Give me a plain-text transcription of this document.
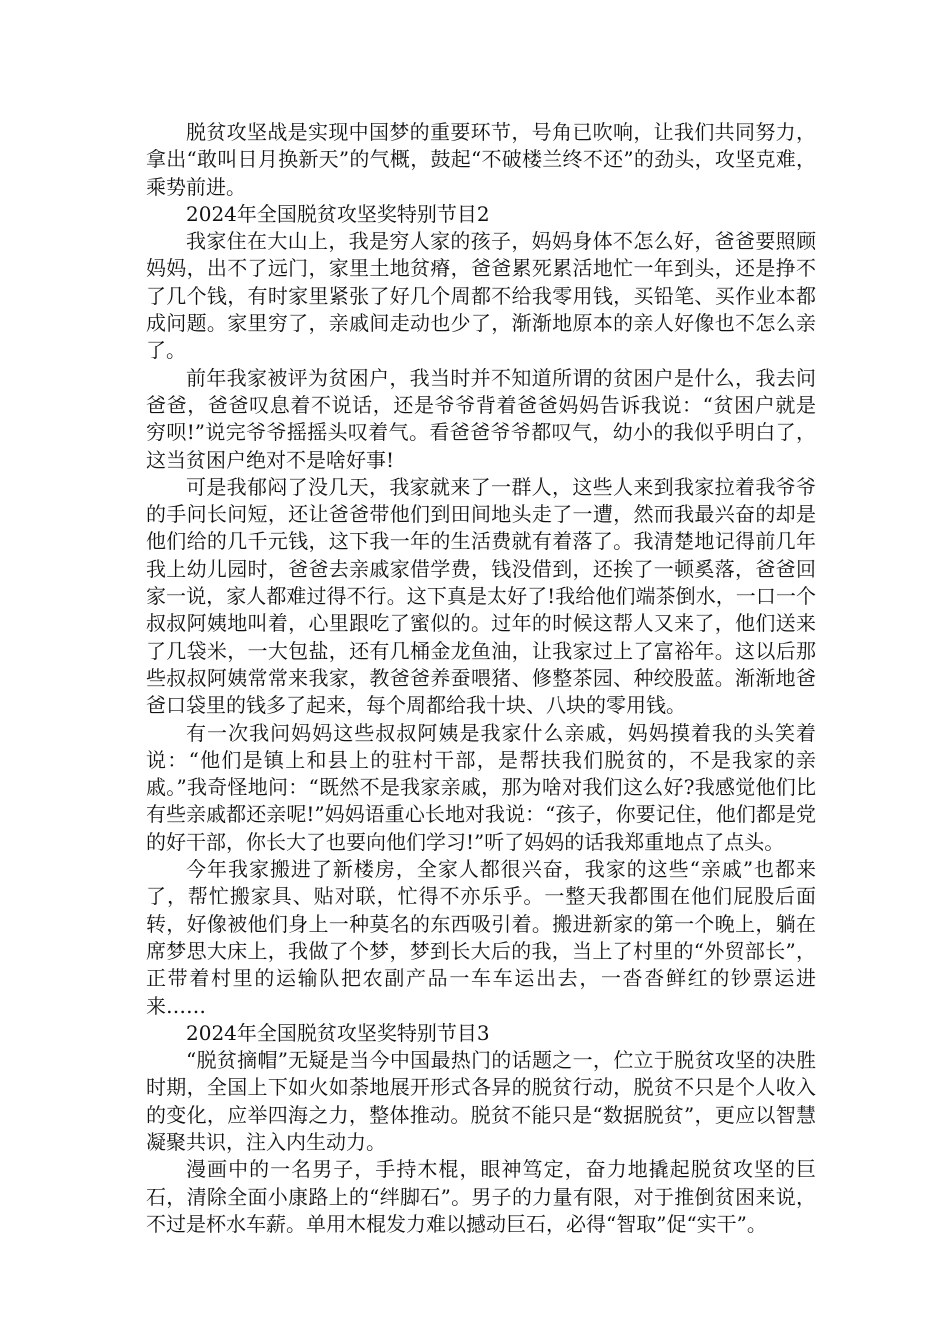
脱贫攻坚战是实现中国梦的重要环节，号角已吹响，让我们共同努力，拿出“敢叫日月换新天”的气概，鼓起“不破楼兰终不还”的劲头，攻坚克难，乘势前进。

2024年全国脱贫攻坚奖特别节目2

我家住在大山上，我是穷人家的孩子，妈妈身体不怎么好，爸爸要照顾妈妈，出不了远门，家里土地贫瘠，爸爸累死累活地忙一年到头，还是挣不了几个钱，有时家里紧张了好几个周都不给我零用钱，买铅笔、买作业本都成问题。家里穷了，亲戚间走动也少了，渐渐地原本的亲人好像也不怎么亲了。

前年我家被评为贫困户，我当时并不知道所谓的贫困户是什么，我去问爸爸，爸爸叹息着不说话，还是爷爷背着爸爸妈妈告诉我说：“贫困户就是穷呗!”说完爷爷摇摇头叹着气。看爸爸爷爷都叹气，幼小的我似乎明白了，这当贫困户绝对不是啥好事!

可是我郁闷了没几天，我家就来了一群人，这些人来到我家拉着我爷爷的手问长问短，还让爸爸带他们到田间地头走了一遭，然而我最兴奋的却是他们给的几千元钱，这下我一年的生活费就有着落了。我清楚地记得前几年我上幼儿园时，爸爸去亲戚家借学费，钱没借到，还挨了一顿奚落，爸爸回家一说，家人都难过得不行。这下真是太好了!我给他们端茶倒水，一口一个叔叔阿姨地叫着，心里跟吃了蜜似的。过年的时候这帮人又来了，他们送来了几袋米，一大包盐，还有几桶金龙鱼油，让我家过上了富裕年。这以后那些叔叔阿姨常常来我家，教爸爸养蚕喂猪、修整茶园、种绞股蓝。渐渐地爸爸口袋里的钱多了起来，每个周都给我十块、八块的零用钱。

有一次我问妈妈这些叔叔阿姨是我家什么亲戚，妈妈摸着我的头笑着说：“他们是镇上和县上的驻村干部，是帮扶我们脱贫的，不是我家的亲戚。”我奇怪地问：“既然不是我家亲戚，那为啥对我们这么好?我感觉他们比有些亲戚都还亲呢!”妈妈语重心长地对我说：“孩子，你要记住，他们都是党的好干部，你长大了也要向他们学习!”听了妈妈的话我郑重地点了点头。

今年我家搬进了新楼房，全家人都很兴奋，我家的这些“亲戚”也都来了，帮忙搬家具、贴对联，忙得不亦乐乎。一整天我都围在他们屁股后面转，好像被他们身上一种莫名的东西吸引着。搬进新家的第一个晚上，躺在席梦思大床上，我做了个梦，梦到长大后的我，当上了村里的“外贸部长”，正带着村里的运输队把农副产品一车车运出去，一沓沓鲜红的钞票运进来……

2024年全国脱贫攻坚奖特别节目3

“脱贫摘帽”无疑是当今中国最热门的话题之一，伫立于脱贫攻坚的决胜时期，全国上下如火如荼地展开形式各异的脱贫行动，脱贫不只是个人收入的变化，应举四海之力，整体推动。脱贫不能只是“数据脱贫”，更应以智慧凝聚共识，注入内生动力。

漫画中的一名男子，手持木棍，眼神笃定，奋力地撬起脱贫攻坚的巨石，清除全面小康路上的“绊脚石”。男子的力量有限，对于推倒贫困来说，不过是杯水车薪。单用木棍发力难以撼动巨石，必得“智取”促“实干”。
